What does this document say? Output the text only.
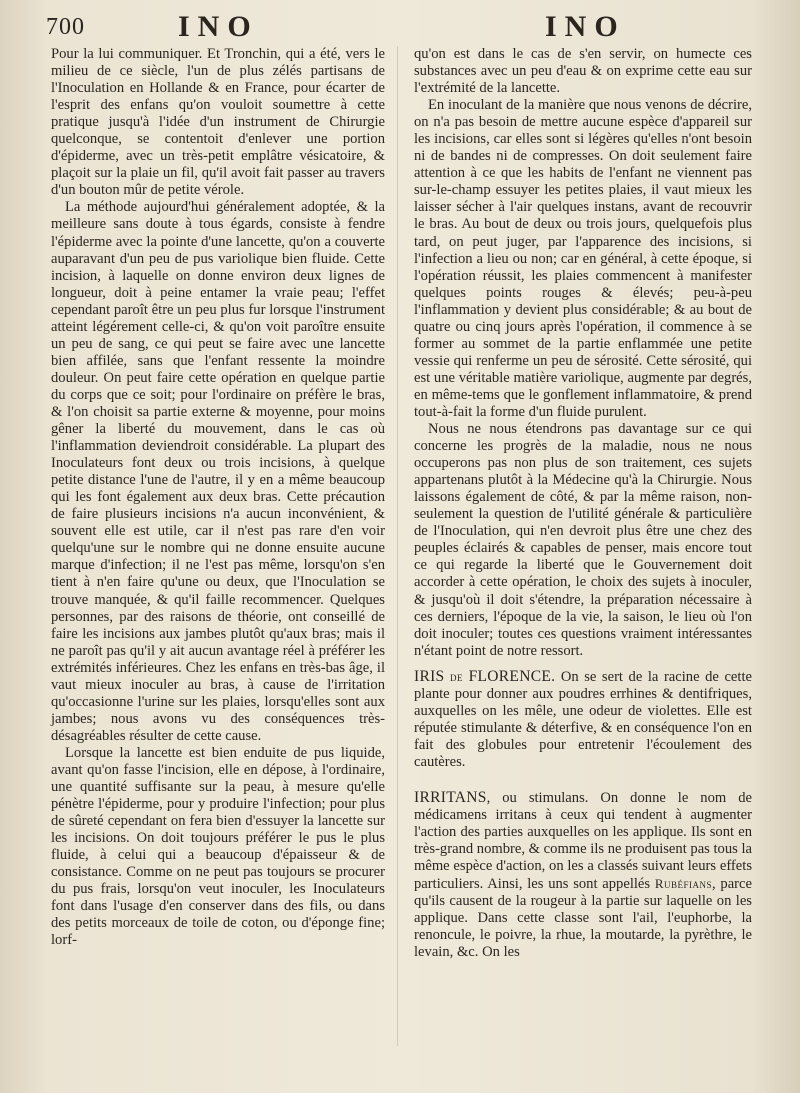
700	INO	INO

Pour la lui communiquer. Et Tronchin, qui a été, vers le milieu de ce siècle, l'un de plus zélés partisans de l'Inoculation en Hollande & en France, pour écarter de l'esprit des enfans qu'on vouloit soumettre à cette pratique jusqu'à l'idée d'un instrument de Chirurgie quelconque, se contentoit d'enlever une portion d'épiderme, avec un très-petit emplâtre vésicatoire, & plaçoit sur la plaie un fil, qu'il avoit fait passer au travers d'un bouton mûr de petite vérole.

La méthode aujourd'hui généralement adoptée, & la meilleure sans doute à tous égards, consiste à fendre l'épiderme avec la pointe d'une lancette, qu'on a couverte auparavant d'un peu de pus variolique bien fluide. Cette incision, à laquelle on donne environ deux lignes de longueur, doit à peine entamer la vraie peau; l'effet cependant paroît être un peu plus fur lorsque l'instrument atteint légérement celle-ci, & qu'on voit paroître ensuite un peu de sang, ce qui peut se faire avec une lancette bien affilée, sans que l'enfant ressente la moindre douleur. On peut faire cette opération en quelque partie du corps que ce soit; pour l'ordinaire on préfère le bras, & l'on choisit sa partie externe & moyenne, pour moins gêner la liberté du mouvement, dans le cas où l'inflammation deviendroit considérable. La plupart des Inoculateurs font deux ou trois incisions, à quelque petite distance l'une de l'autre, il y en a même beaucoup qui les font également aux deux bras. Cette précaution de faire plusieurs incisions n'a aucun inconvénient, & souvent elle est utile, car il n'est pas rare d'en voir quelqu'une sur le nombre qui ne donne ensuite aucune marque d'infection; il ne l'est pas même, lorsqu'on s'en tient à n'en faire qu'une ou deux, que l'Inoculation se trouve manquée, & qu'il faille recommencer. Quelques personnes, par des raisons de théorie, ont conseillé de faire les incisions aux jambes plutôt qu'aux bras; mais il ne paroît pas qu'il y ait aucun avantage réel à préférer les extrémités inférieures. Chez les enfans en très-bas âge, il vaut mieux inoculer au bras, à cause de l'irritation qu'occasionne l'urine sur les plaies, lorsqu'elles sont aux jambes; nous avons vu des conséquences très-désagréables résulter de cette cause.

Lorsque la lancette est bien enduite de pus liquide, avant qu'on fasse l'incision, elle en dépose, à l'ordinaire, une quantité suffisante sur la peau, à mesure qu'elle pénètre l'épiderme, pour y produire l'infection; pour plus de sûreté cependant on fera bien d'essuyer la lancette sur les incisions. On doit toujours préférer le pus le plus fluide, à celui qui a beaucoup d'épaisseur & de consistance. Comme on ne peut pas toujours se procurer du pus frais, lorsqu'on veut inoculer, les Inoculateurs font dans l'usage d'en conserver dans des fils, ou dans des petits morceaux de toile de coton, ou d'éponge fine; lorf-

qu'on est dans le cas de s'en servir, on humecte ces substances avec un peu d'eau & on exprime cette eau sur l'extrémité de la lancette.

En inoculant de la manière que nous venons de décrire, on n'a pas besoin de mettre aucune espèce d'appareil sur les incisions, car elles sont si légères qu'elles n'ont besoin ni de bandes ni de compresses. On doit seulement faire attention à ce que les habits de l'enfant ne viennent pas sur-le-champ essuyer les petites plaies, il vaut mieux les laisser sécher à l'air quelques instans, avant de recouvrir le bras. Au bout de deux ou trois jours, quelquefois plus tard, on peut juger, par l'apparence des incisions, si l'infection a lieu ou non; car en général, à cette époque, si l'opération réussit, les plaies commencent à manifester quelques points rouges & élevés; peu-à-peu l'inflammation y devient plus considérable; & au bout de quatre ou cinq jours après l'opération, il commence à se former au sommet de la partie enflammée une petite vessie qui renferme un peu de sérosité. Cette sérosité, qui est une véritable matière variolique, augmente par degrés, en même-tems que le gonflement inflammatoire, & prend tout-à-fait la forme d'un fluide purulent.

Nous ne nous étendrons pas davantage sur ce qui concerne les progrès de la maladie, nous ne nous occuperons pas non plus de son traitement, ces sujets appartenans plutôt à la Médecine qu'à la Chirurgie. Nous laissons également de côté, & par la même raison, non-seulement la question de l'utilité générale & particulière de l'Inoculation, qui n'en devroit plus être une chez des peuples éclairés & capables de penser, mais encore tout ce qui regarde la liberté que le Gouvernement doit accorder à cette opération, le choix des sujets à inoculer, & jusqu'où il doit s'étendre, la préparation nécessaire à ces derniers, l'époque de la vie, la saison, le lieu où l'on doit inoculer; toutes ces questions vraiment intéressantes n'étant point de notre ressort.

IRIS de FLORENCE. On se sert de la racine de cette plante pour donner aux poudres errhines & dentifriques, auxquelles on les mêle, une odeur de violettes. Elle est réputée stimulante & déterfive, & en conséquence l'on en fait des globules pour entretenir l'écoulement des cautères.

IRRITANS, ou stimulans. On donne le nom de médicamens irritans à ceux qui tendent à augmenter l'action des parties auxquelles on les applique. Ils sont en très-grand nombre, & comme ils ne produisent pas tous la même espèce d'action, on les a classés suivant leurs effets particuliers. Ainsi, les uns sont appellés Rubéfians, parce qu'ils causent de la rougeur à la partie sur laquelle on les applique. Dans cette classe sont l'ail, l'euphorbe, la renoncule, le poivre, la rhue, la moutarde, la pyrèthre, le levain, &c. On les
